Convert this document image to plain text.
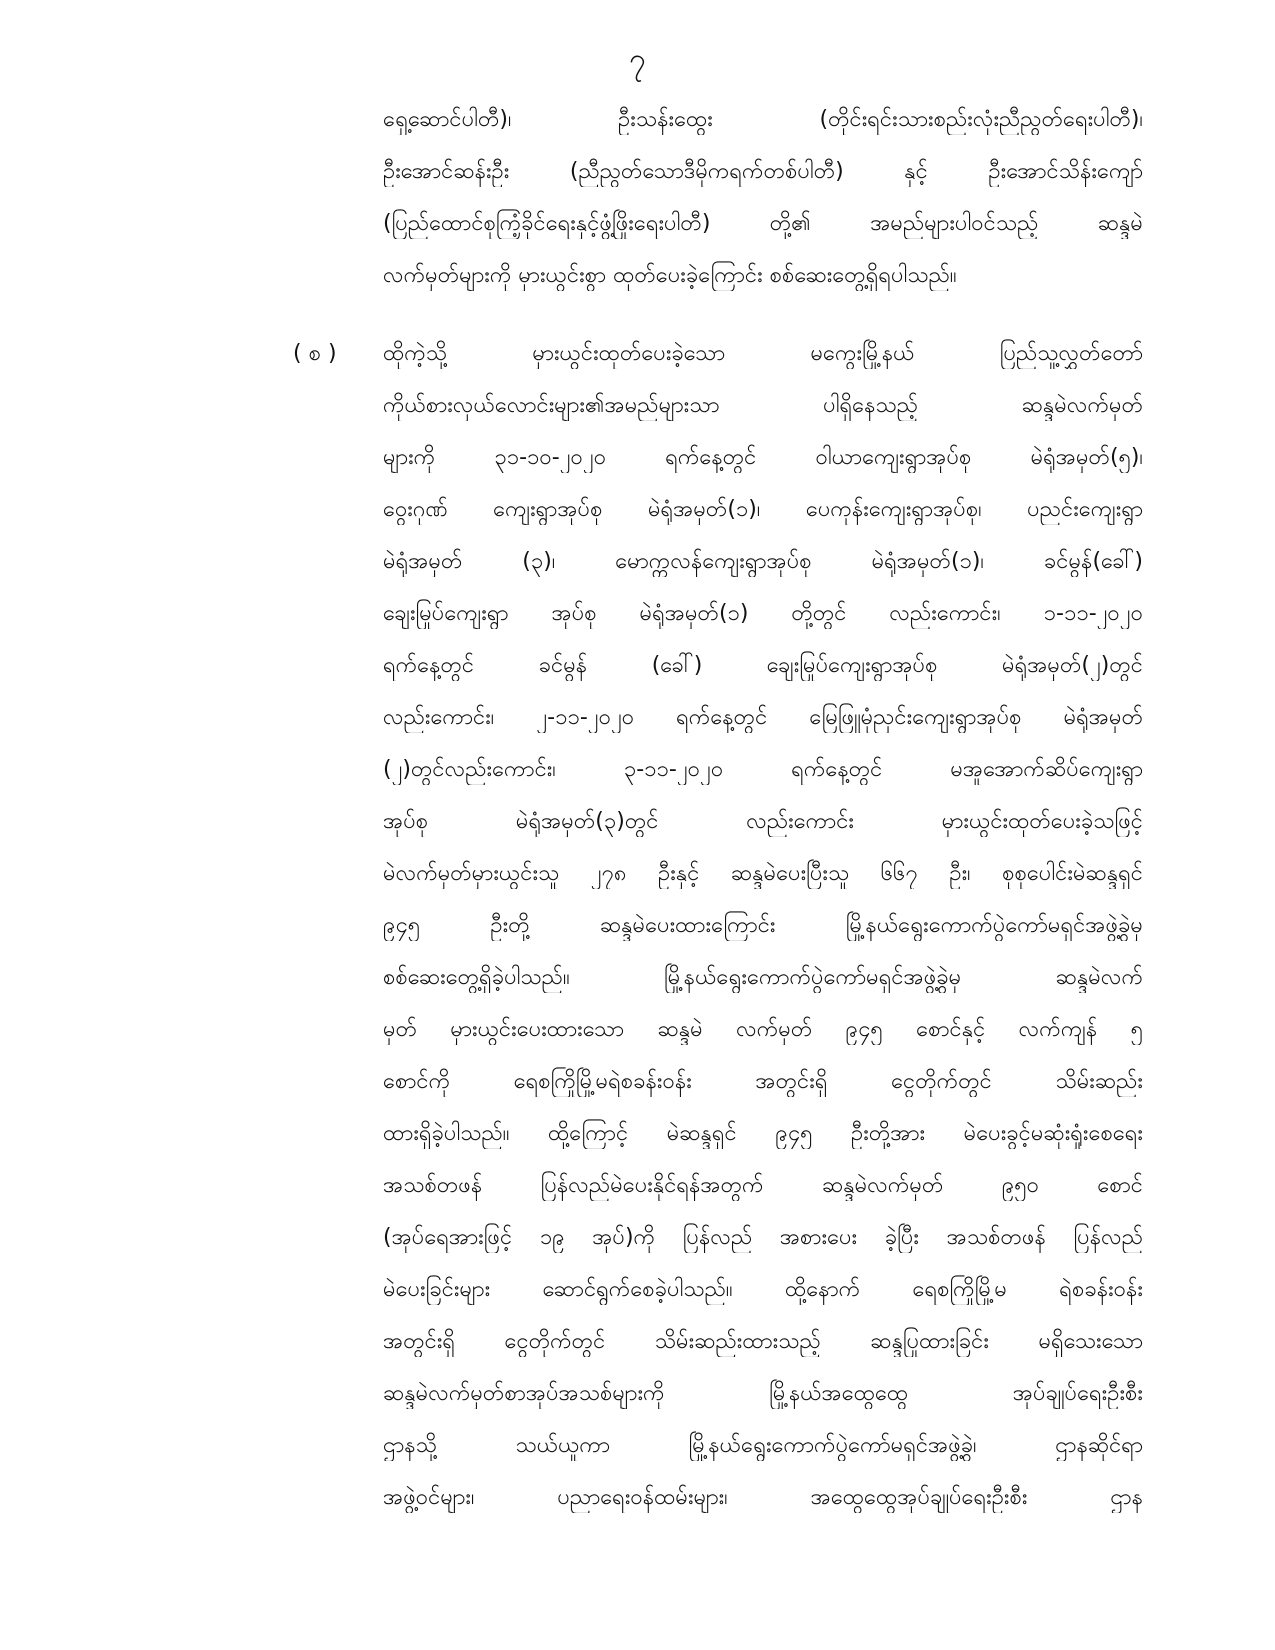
၇
ရှေ့ဆောင်ပါတီ)၊ ဦးသန်းထွေး (တိုင်းရင်းသားစည်းလုံးညီညွတ်ရေးပါတီ)၊
ဦးအောင်ဆန်းဦး (ညီညွတ်သောဒီမိုကရက်တစ်ပါတီ) နှင့် ဦးအောင်သိန်းကျော်
(ပြည်ထောင်စုကြံ့ခိုင်ရေးနှင့်ဖွံ့ဖြိုးရေးပါတီ) တို့၏ အမည်များပါဝင်သည့် ဆန္ဒမဲ
လက်မှတ်များကို မှားယွင်းစွာ ထုတ်ပေးခဲ့ကြောင်း စစ်ဆေးတွေ့ရှိရပါသည်။
( စ ) ထိုကဲ့သို့ မှားယွင်းထုတ်ပေးခဲ့သော မကွေးမြို့နယ် ပြည်သူ့လွှတ်တော်
ကိုယ်စားလှယ်လောင်းများ၏အမည်များသာ ပါရှိနေသည့် ဆန္ဒမဲလက်မှတ်
များကို ၃၁-၁၀-၂၀၂၀ ရက်နေ့တွင် ဝါယာကျေးရွာအုပ်စု မဲရုံအမှတ်(၅)၊
ဝွေးဂုဏ် ကျေးရွာအုပ်စု မဲရုံအမှတ်(၁)၊ ပေကုန်းကျေးရွာအုပ်စု၊ ပညင်းကျေးရွာ
မဲရုံအမှတ် (၃)၊ မောက္ကလန်ကျေးရွာအုပ်စု မဲရုံအမှတ်(၁)၊ ခင်မွန်(ခေါ်)
ချေးမြုပ်ကျေးရွာ အုပ်စု မဲရုံအမှတ်(၁) တို့တွင် လည်းကောင်း၊ ၁-၁၁-၂၀၂၀
ရက်နေ့တွင် ခင်မွန် (ခေါ်) ချေးမြုပ်ကျေးရွာအုပ်စု မဲရုံအမှတ်(၂)တွင်
လည်းကောင်း၊ ၂-၁၁-၂၀၂၀ ရက်နေ့တွင် မြေဖြူမုံညှင်းကျေးရွာအုပ်စု မဲရုံအမှတ်
(၂)တွင်လည်းကောင်း၊ ၃-၁၁-၂၀၂၀ ရက်နေ့တွင် မအူအောက်ဆိပ်ကျေးရွာ
အုပ်စု မဲရုံအမှတ်(၃)တွင် လည်းကောင်း မှားယွင်းထုတ်ပေးခဲ့သဖြင့်
မဲလက်မှတ်မှားယွင်းသူ ၂၇၈ ဦးနှင့် ဆန္ဒမဲပေးပြီးသူ ၆၆၇ ဦး၊ စုစုပေါင်းမဲဆန္ဒရှင်
၉၄၅ ဦးတို့ ဆန္ဒမဲပေးထားကြောင်း မြို့နယ်ရွေးကောက်ပွဲကော်မရှင်အဖွဲ့ခွဲမှ
စစ်ဆေးတွေ့ရှိခဲ့ပါသည်။ မြို့နယ်ရွေးကောက်ပွဲကော်မရှင်အဖွဲ့ခွဲမှ ဆန္ဒမဲလက်
မှတ် မှားယွင်းပေးထားသော ဆန္ဒမဲ လက်မှတ် ၉၄၅ စောင်နှင့် လက်ကျန် ၅
စောင်ကို ရေစကြိုမြို့မရဲစခန်းဝန်း အတွင်းရှိ ငွေတိုက်တွင် သိမ်းဆည်း
ထားရှိခဲ့ပါသည်။ ထို့ကြောင့် မဲဆန္ဒရှင် ၉၄၅ ဦးတို့အား မဲပေးခွင့်မဆုံးရှုံးစေရေး
အသစ်တဖန် ပြန်လည်မဲပေးနိုင်ရန်အတွက် ဆန္ဒမဲလက်မှတ် ၉၅၀ စောင်
(အုပ်ရေအားဖြင့် ၁၉ အုပ်)ကို ပြန်လည် အစားပေး ခဲ့ပြီး အသစ်တဖန် ပြန်လည်
မဲပေးခြင်းများ ဆောင်ရွက်စေခဲ့ပါသည်။ ထို့နောက် ရေစကြိုမြို့မ ရဲစခန်းဝန်း
အတွင်းရှိ ငွေတိုက်တွင် သိမ်းဆည်းထားသည့် ဆန္ဒပြုထားခြင်း မရှိသေးသော
ဆန္ဒမဲလက်မှတ်စာအုပ်အသစ်များကို မြို့နယ်အထွေထွေ အုပ်ချုပ်ရေးဦးစီး
ဌာနသို့ သယ်ယူကာ မြို့နယ်ရွေးကောက်ပွဲကော်မရှင်အဖွဲ့ခွဲ၊ ဌာနဆိုင်ရာ
အဖွဲ့ဝင်များ၊ ပညာရေးဝန်ထမ်းများ၊ အထွေထွေအုပ်ချုပ်ရေးဦးစီး ဌာန
